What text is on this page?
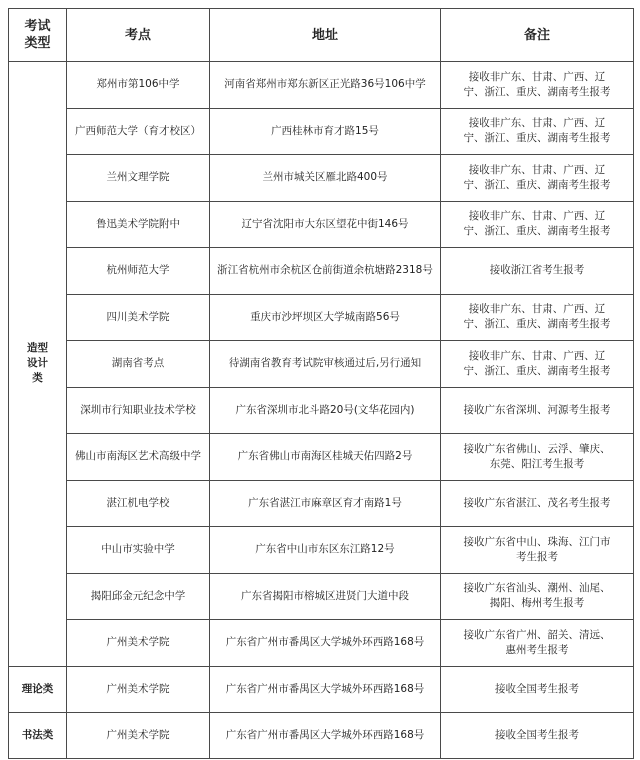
考试
类型	考点	地址	备注
造型
设计
类	郑州市第106中学	河南省郑州市郑东新区正光路36号106中学	接收非广东、甘肃、广西、辽宁、浙江、重庆、湖南考生报考
	广西师范大学（育才校区）	广西桂林市育才路15号	接收非广东、甘肃、广西、辽宁、浙江、重庆、湖南考生报考
	兰州文理学院	兰州市城关区雁北路400号	接收非广东、甘肃、广西、辽宁、浙江、重庆、湖南考生报考
	鲁迅美术学院附中	辽宁省沈阳市大东区望花中街146号	接收非广东、甘肃、广西、辽宁、浙江、重庆、湖南考生报考
	杭州师范大学	浙江省杭州市余杭区仓前街道余杭塘路2318号	接收浙江省考生报考
	四川美术学院	重庆市沙坪坝区大学城南路56号	接收非广东、甘肃、广西、辽宁、浙江、重庆、湖南考生报考
	湖南省考点	待湖南省教育考试院审核通过后,另行通知	接收非广东、甘肃、广西、辽宁、浙江、重庆、湖南考生报考
	深圳市行知职业技术学校	广东省深圳市北斗路20号(文华花园内)	接收广东省深圳、河源考生报考
	佛山市南海区艺术高级中学	广东省佛山市南海区桂城天佑四路2号	接收广东省佛山、云浮、肇庆、东莞、阳江考生报考
	湛江机电学校	广东省湛江市麻章区育才南路1号	接收广东省湛江、茂名考生报考
	中山市实验中学	广东省中山市东区东江路12号	接收广东省中山、珠海、江门市考生报考
	揭阳邱金元纪念中学	广东省揭阳市榕城区进贤门大道中段	接收广东省汕头、潮州、汕尾、揭阳、梅州考生报考
	广州美术学院	广东省广州市番禺区大学城外环西路168号	接收广东省广州、韶关、清远、惠州考生报考
理论类	广州美术学院	广东省广州市番禺区大学城外环西路168号	接收全国考生报考
书法类	广州美术学院	广东省广州市番禺区大学城外环西路168号	接收全国考生报考
